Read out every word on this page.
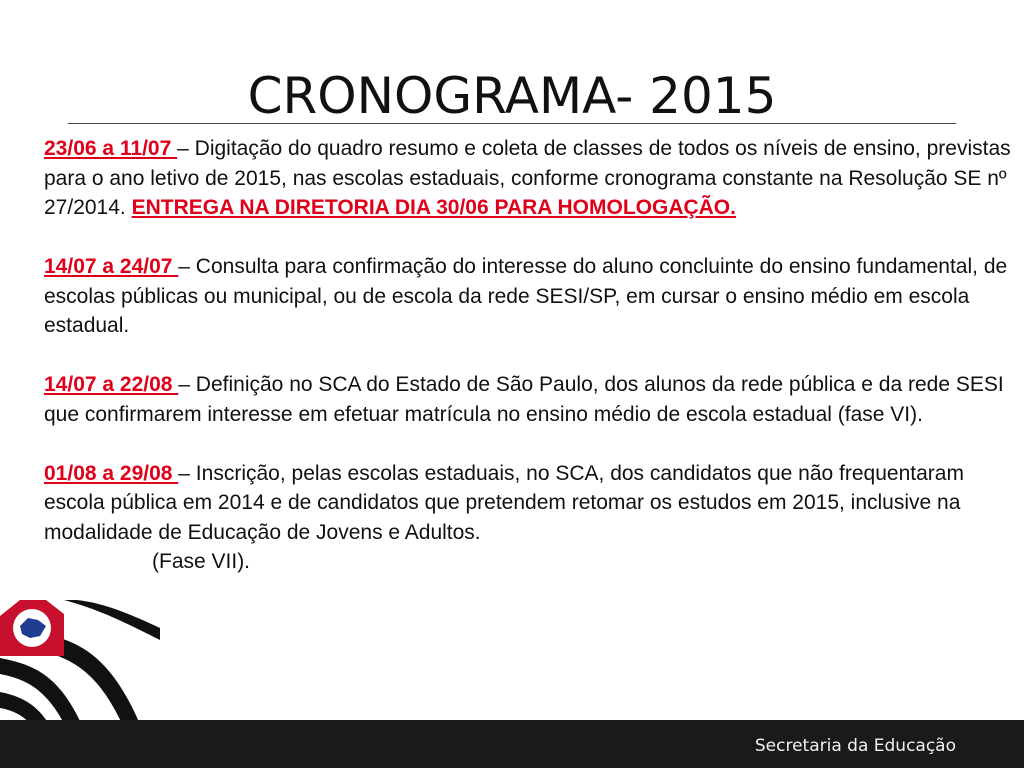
CRONOGRAMA- 2015

23/06 a 11/07 – Digitação do quadro resumo e coleta de classes de todos os níveis de ensino, previstas para o ano letivo de 2015, nas escolas estaduais, conforme cronograma constante na Resolução SE nº 27/2014. ENTREGA NA DIRETORIA DIA 30/06 PARA HOMOLOGAÇÃO.

14/07 a 24/07 – Consulta para confirmação do interesse do aluno concluinte do ensino fundamental, de escolas públicas ou municipal, ou de escola da rede SESI/SP, em cursar o ensino médio em escola estadual.

14/07 a 22/08 – Definição no SCA do Estado de São Paulo, dos alunos da rede pública e da rede SESI que confirmarem interesse em efetuar matrícula no ensino médio de escola estadual (fase VI).

01/08 a 29/08 – Inscrição, pelas escolas estaduais, no SCA, dos candidatos que não frequentaram escola pública em 2014 e de candidatos que pretendem retomar os estudos em 2015, inclusive na modalidade de Educação de Jovens e Adultos.
(Fase VII).

Secretaria da Educação
